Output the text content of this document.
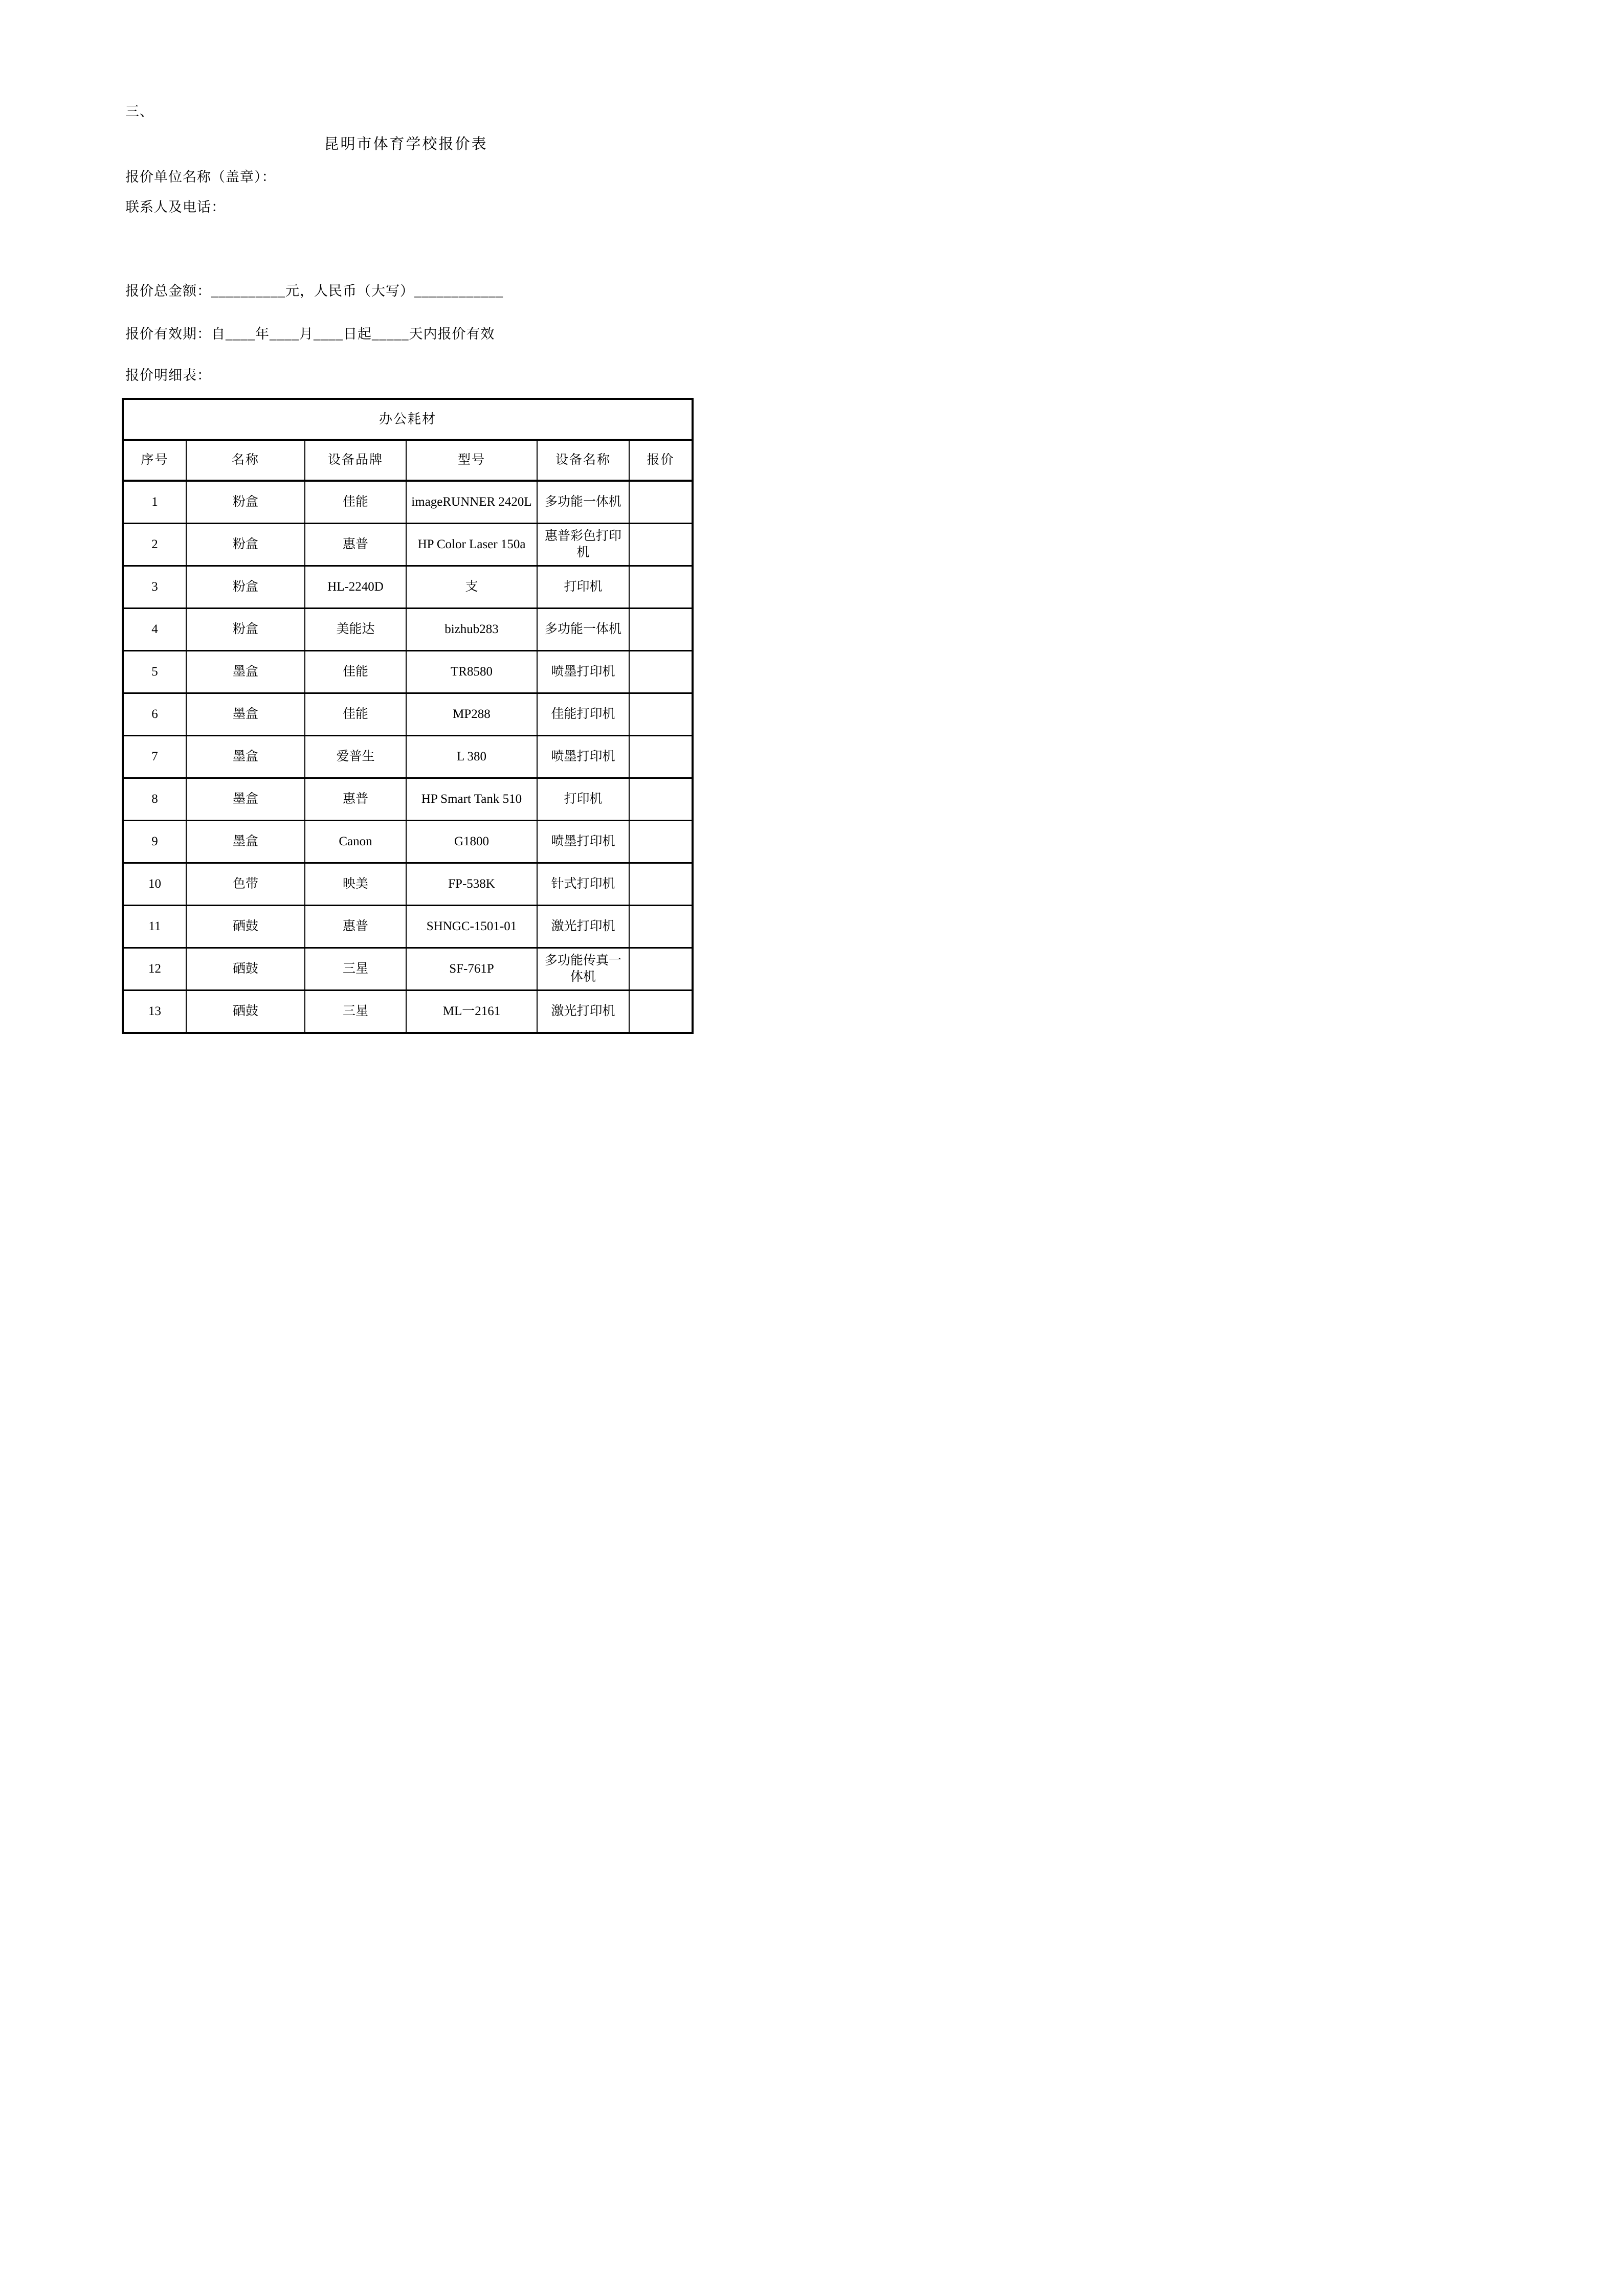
三、
昆明市体育学校报价表
报价单位名称（盖章）：
联系人及电话：
报价总金额：__________元，人民币（大写）____________
报价有效期：自____年____月____日起_____天内报价有效
报价明细表：
办公耗材					
序号	名称	设备品牌	型号	设备名称	报价
1	粉盒	佳能	imageRUNNER 2420L	多功能一体机	
2	粉盒	惠普	HP Color Laser 150a	惠普彩色打印机	
3	粉盒	HL-2240D	支	打印机	
4	粉盒	美能达	bizhub283	多功能一体机	
5	墨盒	佳能	TR8580	喷墨打印机	
6	墨盒	佳能	MP288	佳能打印机	
7	墨盒	爱普生	L 380	喷墨打印机	
8	墨盒	惠普	HP Smart Tank 510	打印机	
9	墨盒	Canon	G1800	喷墨打印机	
10	色带	映美	FP-538K	针式打印机	
11	硒鼓	惠普	SHNGC-1501-01	激光打印机	
12	硒鼓	三星	SF-761P	多功能传真一体机	
13	硒鼓	三星	ML一2161	激光打印机	
